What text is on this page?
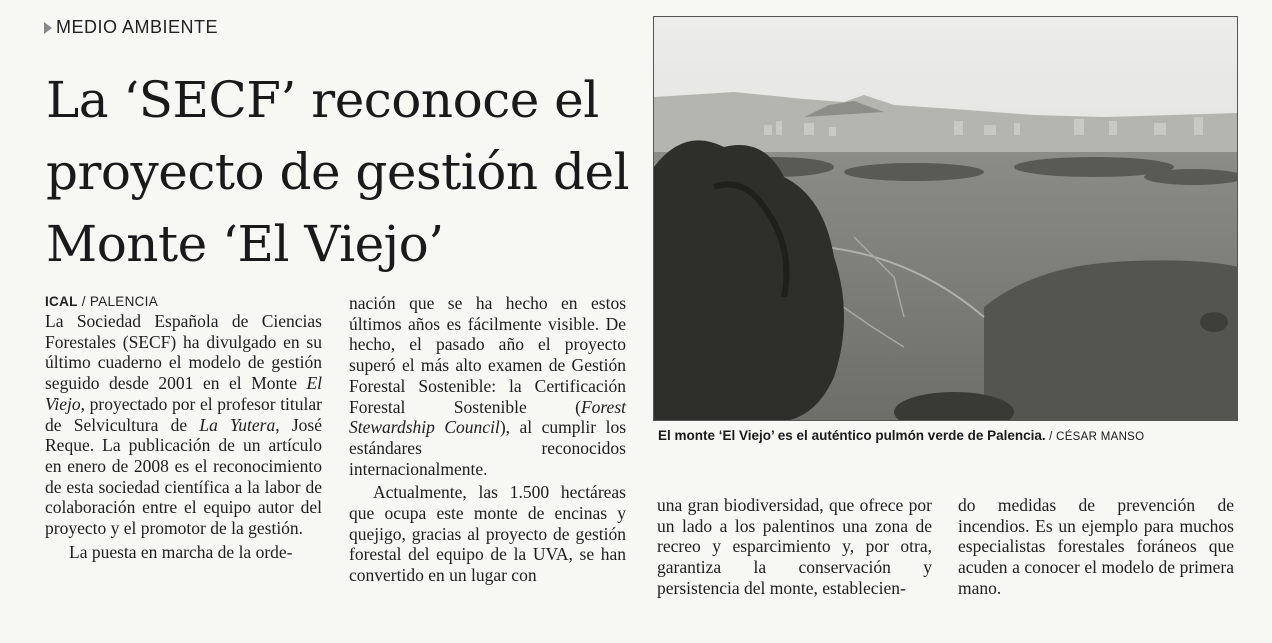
MEDIO AMBIENTE
La ‘SECF’ reconoce el
proyecto de gestión del
Monte ‘El Viejo’
ICAL / PALENCIA

La Sociedad Española de Ciencias Forestales (SECF) ha divulgado en su último cuaderno el modelo de gestión seguido desde 2001 en el Monte El Viejo, proyectado por el profesor titular de Selvicultura de La Yutera, José Reque. La publicación de un artículo en enero de 2008 es el reconocimiento de esta sociedad científica a la labor de colaboración entre el equipo autor del proyecto y el promotor de la gestión.

La puesta en marcha de la orde-

nación que se ha hecho en estos últimos años es fácilmente visible. De hecho, el pasado año el proyecto superó el más alto examen de Gestión Forestal Sostenible: la Certificación Forestal Sostenible (Forest Stewardship Council), al cumplir los estándares reconocidos internacionalmente.

Actualmente, las 1.500 hectáreas que ocupa este monte de encinas y quejigo, gracias al proyecto de gestión forestal del equipo de la UVA, se han convertido en un lugar con

El monte ‘El Viejo’ es el auténtico pulmón verde de Palencia. / CÉSAR MANSO

una gran biodiversidad, que ofrece por un lado a los palentinos una zona de recreo y esparcimiento y, por otra, garantiza la conservación y persistencia del monte, establecien-

do medidas de prevención de incendios. Es un ejemplo para muchos especialistas forestales foráneos que acuden a conocer el modelo de primera mano.
